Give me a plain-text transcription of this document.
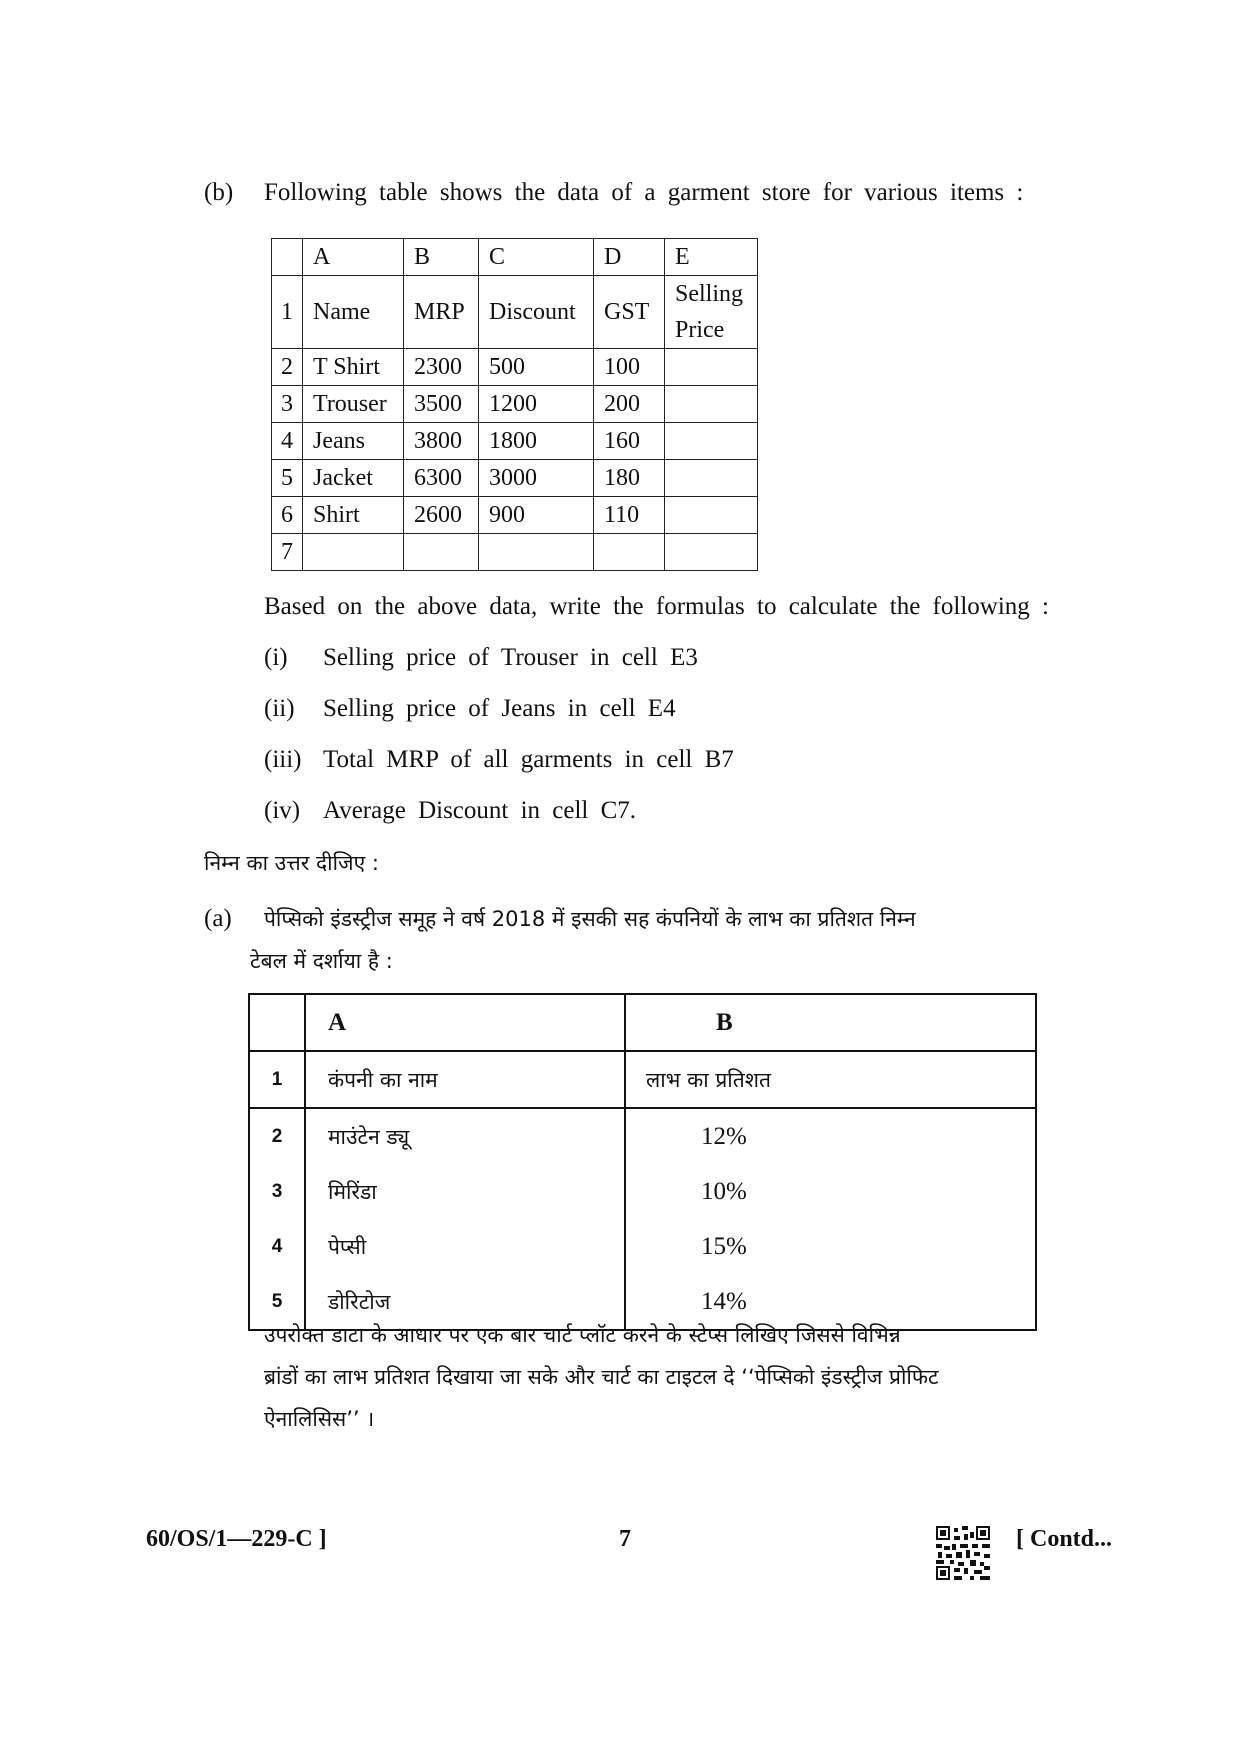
(b) Following table shows the data of a garment store for various items :
	A	B	C	D	E
1	Name	MRP	Discount	GST	Selling Price
2	T Shirt	2300	500	100	
3	Trouser	3500	1200	200	
4	Jeans	3800	1800	160	
5	Jacket	6300	3000	180	
6	Shirt	2600	900	110	
7					
Based on the above data, write the formulas to calculate the following :
(i) Selling price of Trouser in cell E3
(ii) Selling price of Jeans in cell E4
(iii) Total MRP of all garments in cell B7
(iv) Average Discount in cell C7.
निम्न का उत्तर दीजिए :
(a) पेप्सिको इंडस्ट्रीज समूह ने वर्ष 2018 में इसकी सह कंपनियों के लाभ का प्रतिशत निम्न
टेबल में दर्शाया है :
	A	B
1	कंपनी का नाम	लाभ का प्रतिशत
2	माउंटेन ड्यू	12%
3	मिरिंडा	10%
4	पेप्सी	15%
5	डोरिटोज	14%
उपरोक्त डाटा के आधार पर एक बार चार्ट प्लॉट करने के स्टेप्स लिखिए जिससे विभिन्न
ब्रांडों का लाभ प्रतिशत दिखाया जा सके और चार्ट का टाइटल दे ‘‘पेप्सिको इंडस्ट्रीज प्रोफिट
ऐनालिसिस’’ ।
60/OS/1—229-C ]	7	[ Contd...
